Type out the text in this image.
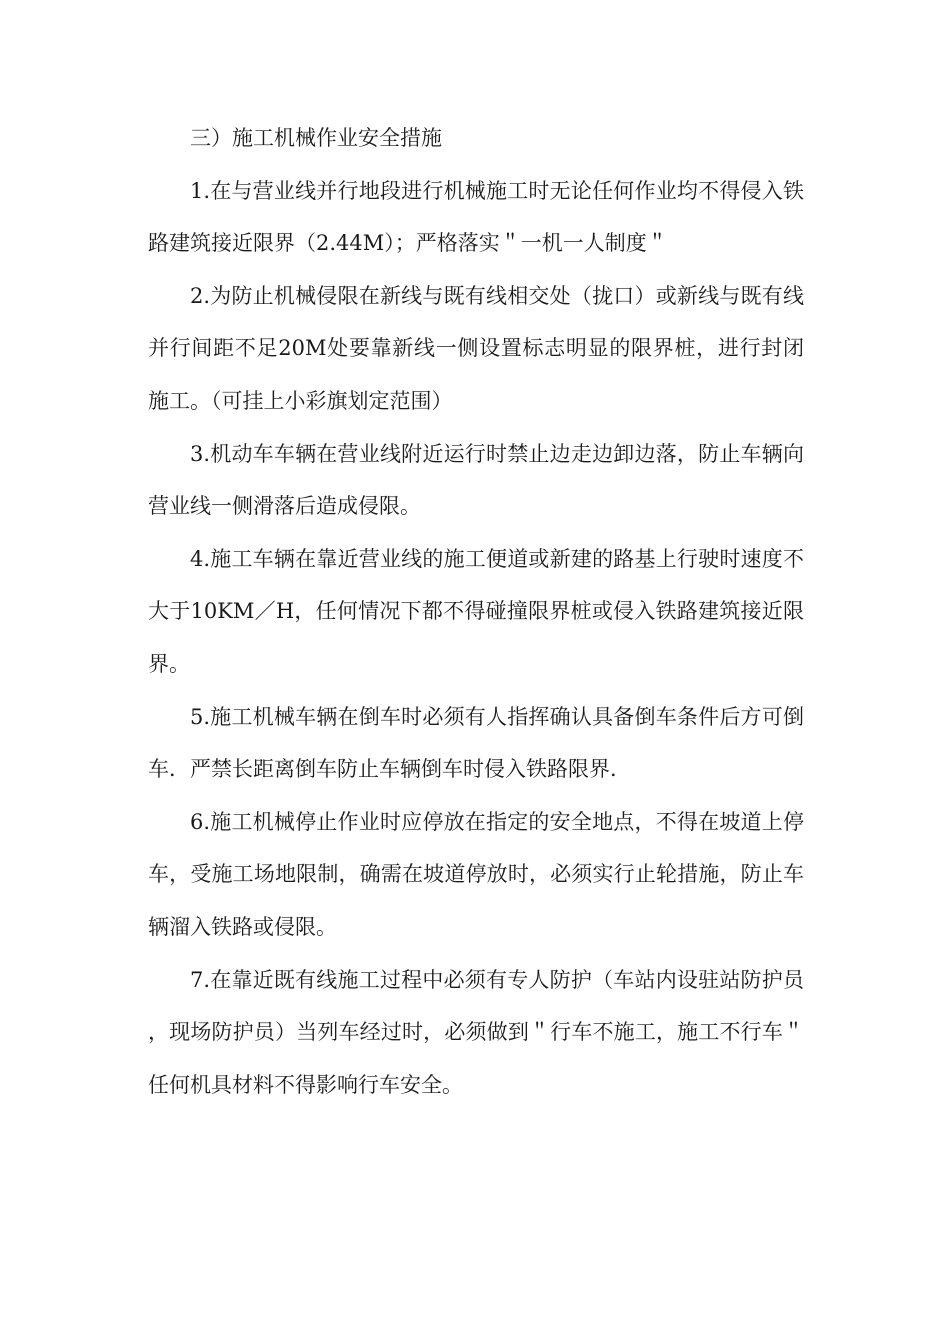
三）施工机械作业安全措施

1.在与营业线并行地段进行机械施工时无论任何作业均不得侵入铁路建筑接近限界（2.44M）；严格落实＂一机一人制度＂

2.为防止机械侵限在新线与既有线相交处（拢口）或新线与既有线并行间距不足20M处要靠新线一侧设置标志明显的限界桩，进行封闭施工。（可挂上小彩旗划定范围）

3.机动车车辆在营业线附近运行时禁止边走边卸边落，防止车辆向营业线一侧滑落后造成侵限。

4.施工车辆在靠近营业线的施工便道或新建的路基上行驶时速度不大于10KM／H，任何情况下都不得碰撞限界桩或侵入铁路建筑接近限界。

5.施工机械车辆在倒车时必须有人指挥确认具备倒车条件后方可倒车．严禁长距离倒车防止车辆倒车时侵入铁路限界．

6.施工机械停止作业时应停放在指定的安全地点，不得在坡道上停车，受施工场地限制，确需在坡道停放时，必须实行止轮措施，防止车辆溜入铁路或侵限。

7.在靠近既有线施工过程中必须有专人防护（车站内设驻站防护员，现场防护员）当列车经过时，必须做到＂行车不施工，施工不行车＂任何机具材料不得影响行车安全。
